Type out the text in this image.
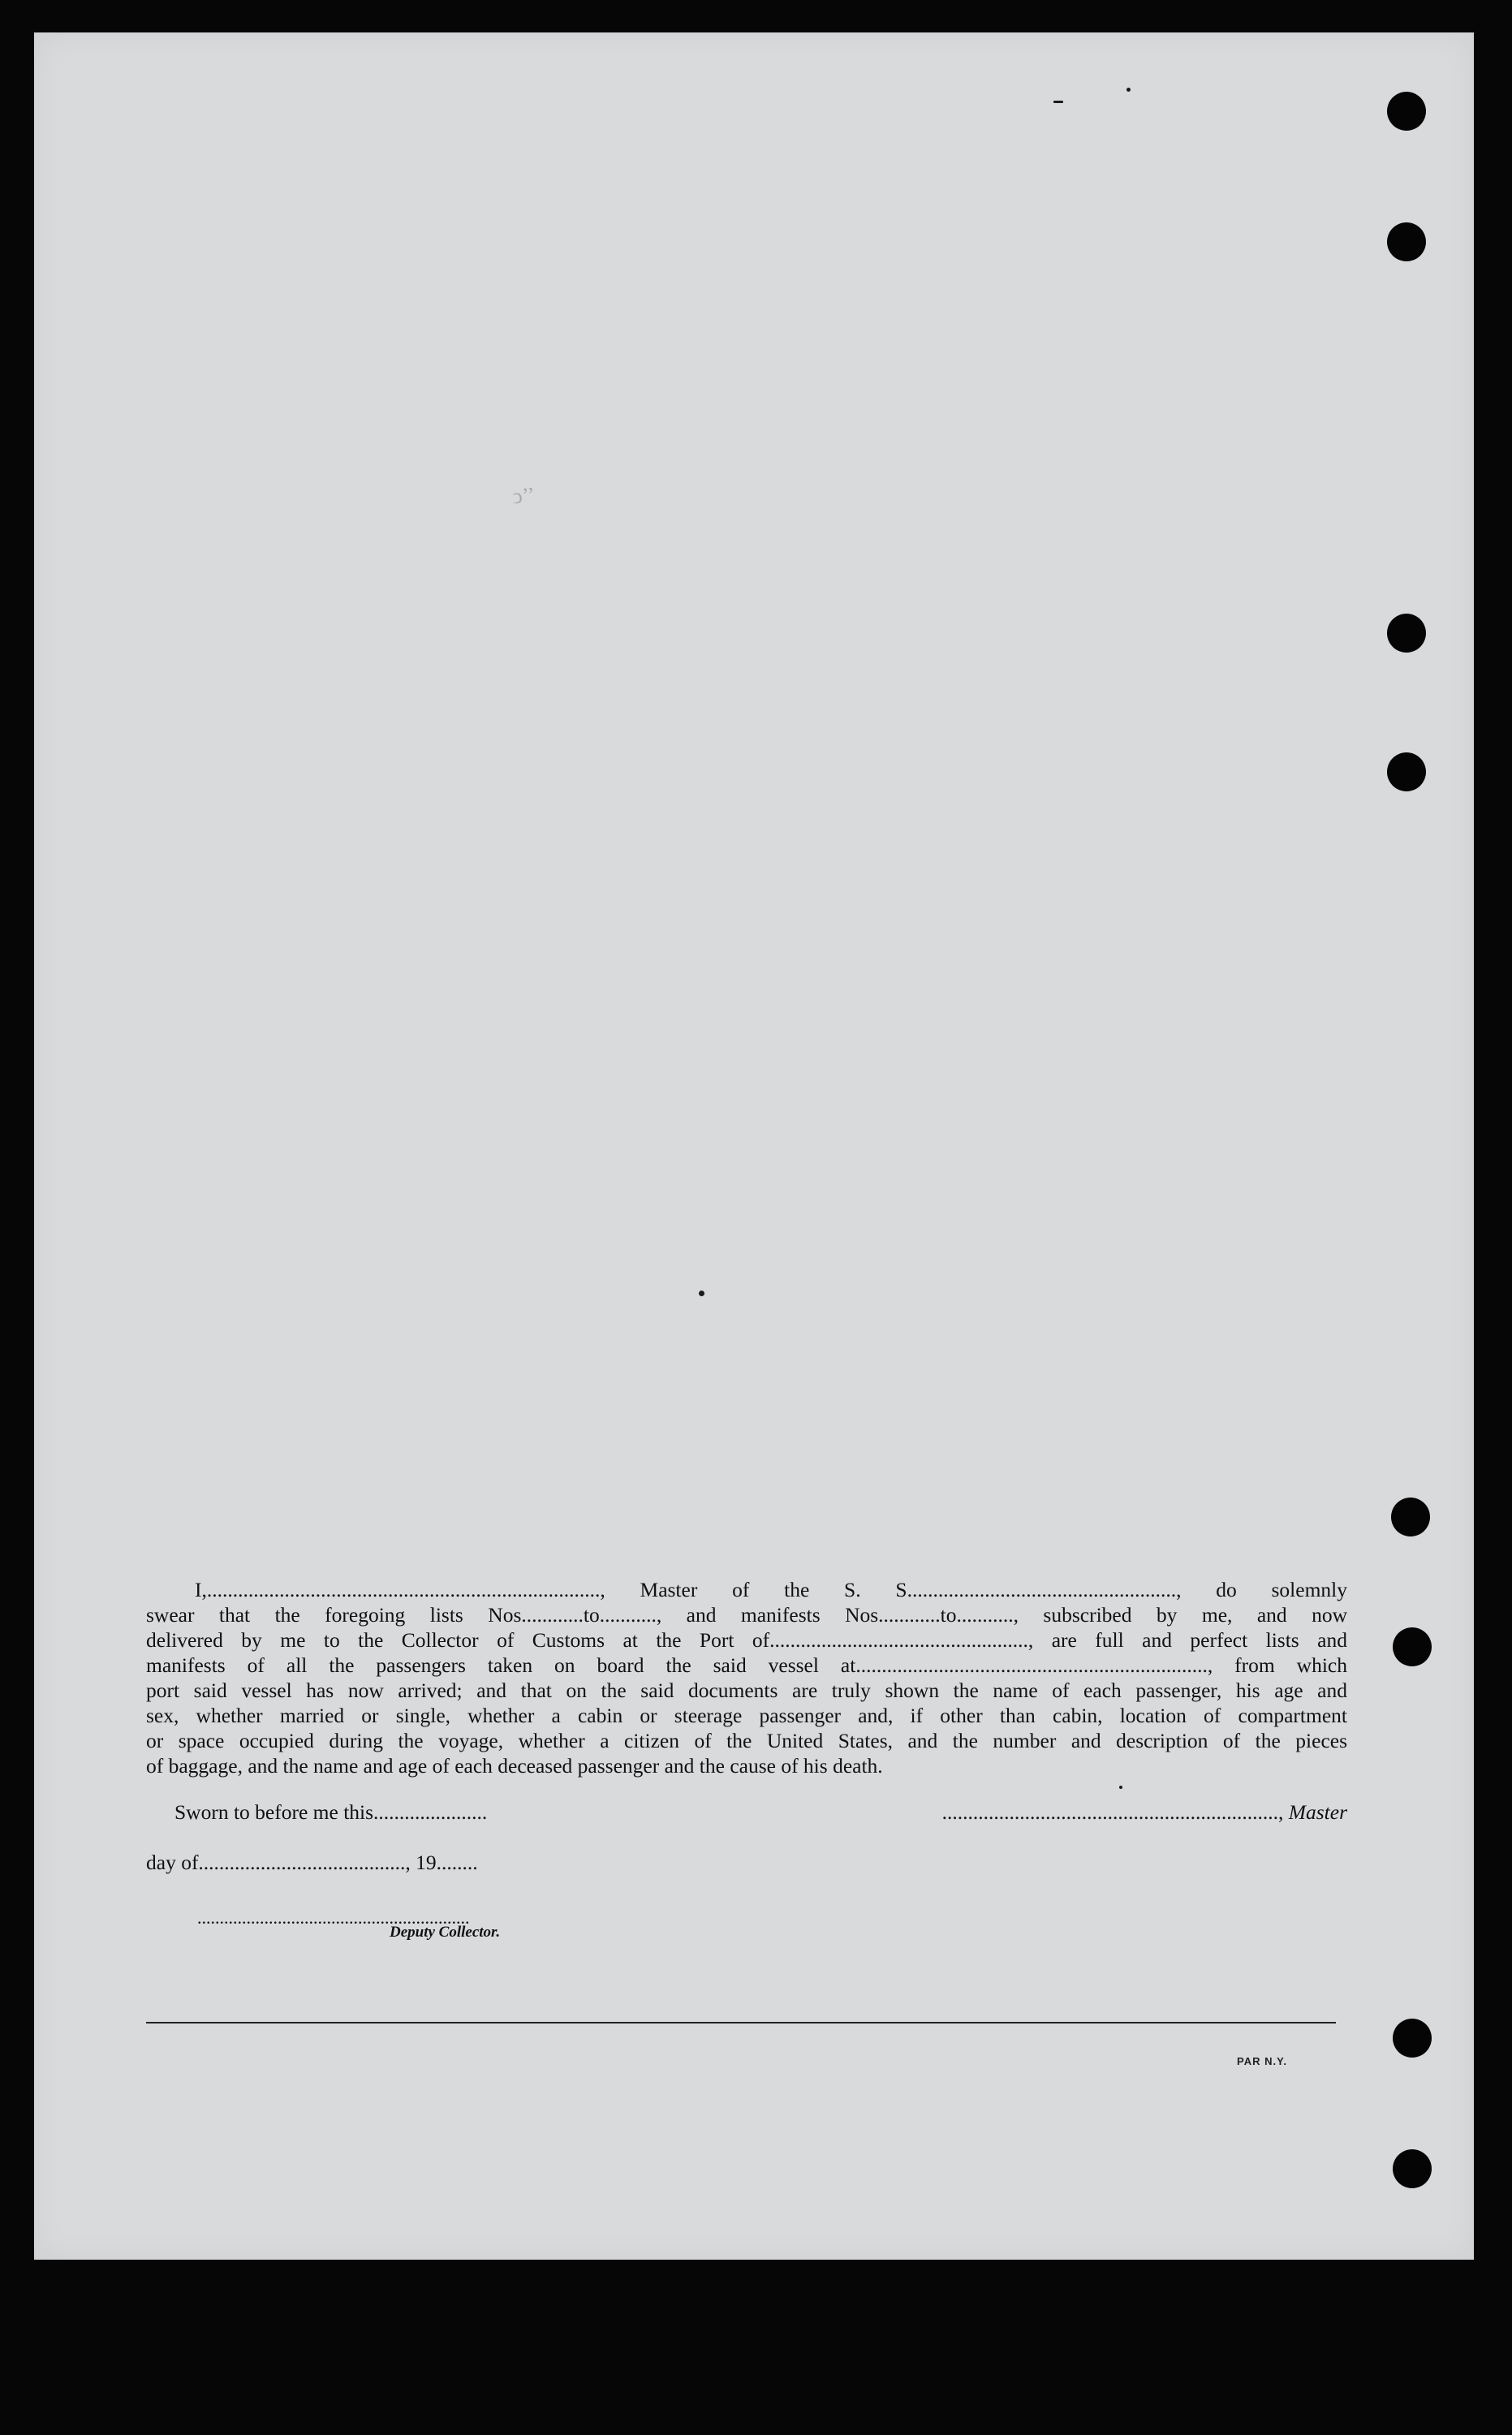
ↄ’’
I,............................................................................, Master of the S. S...................................................., do solemnly
swear that the foregoing lists Nos............to..........., and manifests Nos............to..........., subscribed by me, and now
delivered by me to the Collector of Customs at the Port of.................................................., are full and perfect lists and
manifests of all the passengers taken on board the said vessel at...................................................................., from which
port said vessel has now arrived; and that on the said documents are truly shown the name of each passenger, his age and
sex, whether married or single, whether a cabin or steerage passenger and, if other than cabin, location of compartment
or space occupied during the voyage, whether a citizen of the United States, and the number and description of the pieces
of baggage, and the name and age of each deceased passenger and the cause of his death.
Sworn to before me this......................	................................................................., Master
day of........................................, 19........
.............................................................
Deputy Collector.
PAR N.Y.
